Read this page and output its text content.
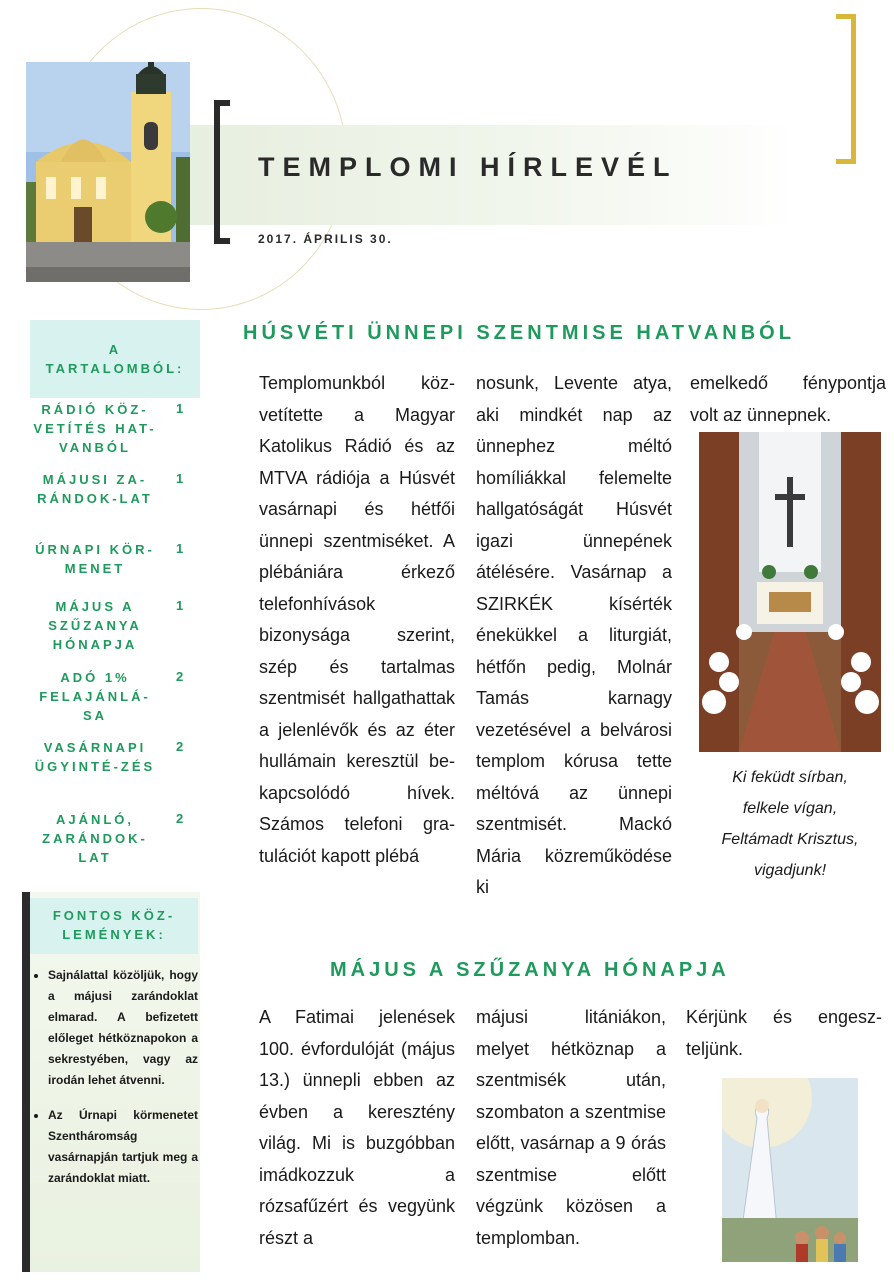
TEMPLOMI HÍRLEVÉL
2017. ÁPRILIS 30.
A
TARTALOMBÓL:
RÁDIÓ KÖZ-VETÍTÉS HAT-VANBÓL
1
MÁJUSI ZA-RÁNDOK-LAT
1
ÚRNAPI KÖR-MENET
1
MÁJUS A SZŰZANYA HÓNAPJA
1
ADÓ 1% FELAJÁNLÁ-SA
2
VASÁRNAPI ÜGYINTÉ-ZÉS
2
AJÁNLÓ, ZARÁNDOK-LAT
2
FONTOS KÖZ-LEMÉNYEK:
• Sajnálattal közöljük, hogy a májusi zarándoklat elmarad. A befizetett előleget hétköznapokon a sekrestyében, vagy az irodán lehet átvenni.
• Az Úrnapi körmenetet Szentháromság vasárnapján tartjuk meg a zarándoklat miatt.
HÚSVÉTI ÜNNEPI SZENTMISE HATVANBÓL
Templomunkból közvetítette a Magyar Katolikus Rádió és az MTVA rádiója a Húsvét vasárnapi és hétfői ünnepi szentmiséket. A plébániára érkező telefonhívások bizonysága szerint, szép és tartalmas szentmisét hallgathattak a jelenlévők és az éter hullámain keresztül bekapcsolódó hívek. Számos telefoni gratulációt kapott plébá
nosunk, Levente atya, aki mindkét nap az ünnephez méltó homíliákkal felemelte hallgatóságát Húsvét igazi ünnepének átélésére. Vasárnap a SZIRKÉK kísérték énekükkel a liturgiát, hétfőn pedig, Molnár Tamás karnagy vezetésével a belvárosi templom kórusa tette méltóvá az ünnepi szentmisét. Mackó Mária közreműködése ki
emelkedő fénypontja volt az ünnepnek.
Ki feküdt sírban,
felkele vígan,
Feltámadt Krisztus,
vigadjunk!
MÁJUS A SZŰZANYA HÓNAPJA
A Fatimai jelenések 100. évfordulóját (május 13.) ünnepli ebben az évben a keresztény világ. Mi is buzgóbban imádkozzuk a rózsafűzért és vegyünk részt a
májusi litániákon, melyet hétköznap a szentmisék után, szombaton a szentmise előtt, vasárnap a 9 órás szentmise előtt végzünk közösen a templomban.
Kérjünk és engeszteljünk.
